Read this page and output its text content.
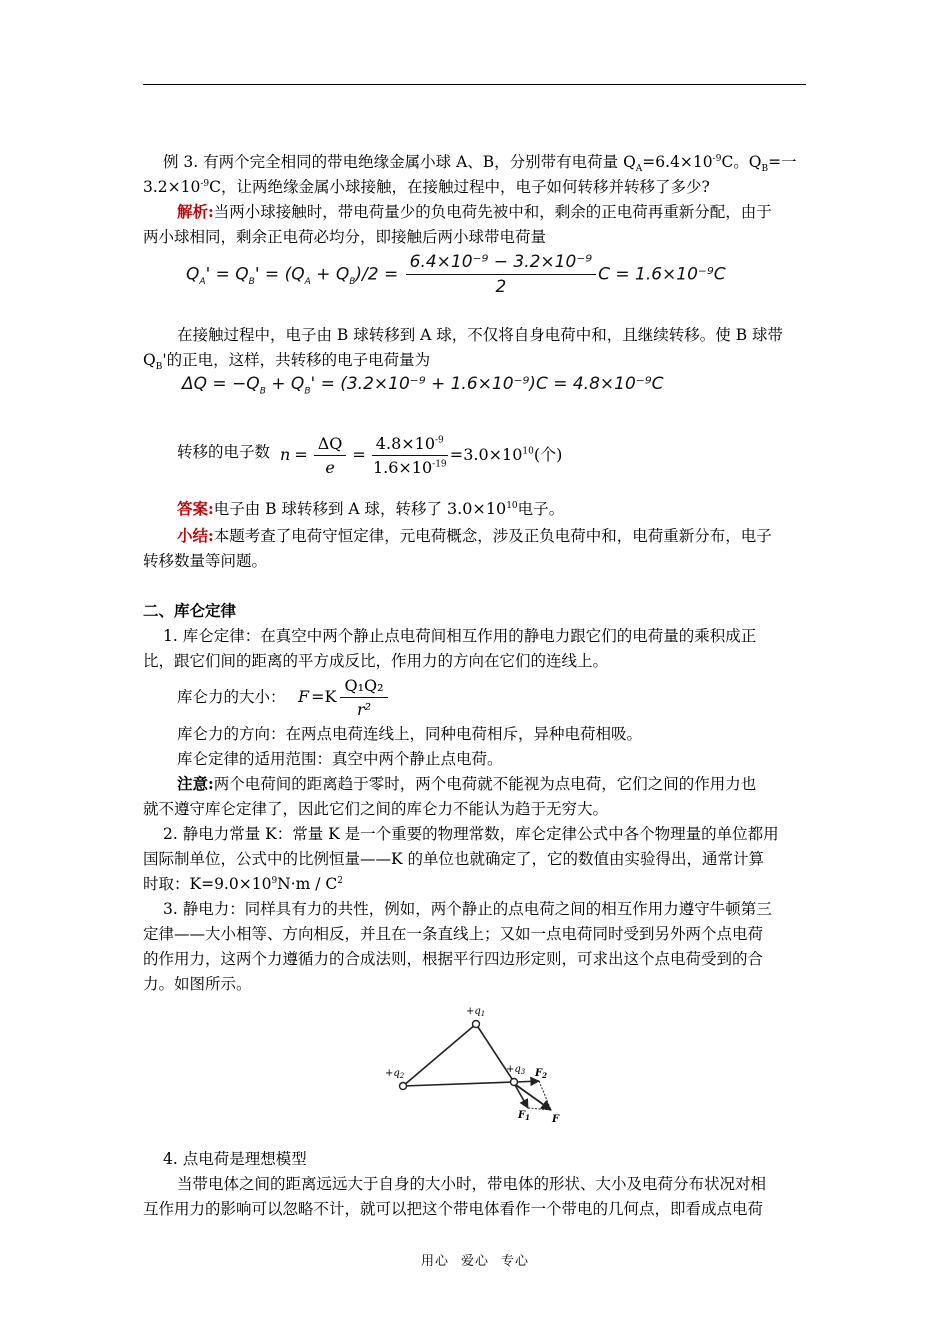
例 3. 有两个完全相同的带电绝缘金属小球 A、B，分别带有电荷量 $Q_A=6.4\times 10^{-9}C$。$Q_B=$一
$3.2\times 10^{-9}C$，让两绝缘金属小球接触，在接触过程中，电子如何转移并转移了多少?
解析:当两小球接触时，带电荷量少的负电荷先被中和，剩余的正电荷再重新分配，由于
两小球相同，剩余正电荷必均分，即接触后两小球带电荷量
$Q_A' = Q_B' = (Q_A + Q_B)/2 = \frac{\text{6.4×10⁻⁹ − 3.2×10⁻⁹}}{2}$ C = 1.6×10⁻⁹C
在接触过程中，电子由 B 球转移到 A 球，不仅将自身电荷中和，且继续转移。使 B 球带
$Q_B'$的正电，这样，共转移的电子电荷量为
$\Delta Q = -Q_B + Q_B' = (3.2\times 10^{-9} + 1.6\times 10^{-9})C = 4.8\times 10^{-9}C$
转移的电子数 $n = \frac{\Delta Q}{e} = \frac{4.8\times 10^{-9}}{1.6\times 10^{-19}} =3.0\times 10^{10}$(个)
答案:电子由 B 球转移到 A 球，转移了 $3.0\times 10^{10}$电子。
小结:本题考查了电荷守恒定律，元电荷概念，涉及正负电荷中和，电荷重新分布，电子
转移数量等问题。
二、库仑定律
1. 库仑定律：在真空中两个静止点电荷间相互作用的静电力跟它们的电荷量的乘积成正
比，跟它们间的距离的平方成反比，作用力的方向在它们的连线上。
库仑力的大小： $F =K \frac{\text{Q₁Q₂}}{\text{r²}}$
库仑力的方向：在两点电荷连线上，同种电荷相斥，异种电荷相吸。
库仑定律的适用范围：真空中两个静止点电荷。
注意:两个电荷间的距离趋于零时，两个电荷就不能视为点电荷，它们之间的作用力也
就不遵守库仑定律了，因此它们之间的库仑力不能认为趋于无穷大。
2. 静电力常量 K：常量 K 是一个重要的物理常数，库仑定律公式中各个物理量的单位都用
国际制单位，公式中的比例恒量——K 的单位也就确定了，它的数值由实验得出，通常计算
时取：$K=9.0\times 10^9N\cdot m / C^2$
3. 静电力：同样具有力的共性，例如，两个静止的点电荷之间的相互作用力遵守牛顿第三
定律——大小相等、方向相反，并且在一条直线上；又如一点电荷同时受到另外两个点电荷
的作用力，这两个力遵循力的合成法则，根据平行四边形定则，可求出这个点电荷受到的合
力。如图所示。
$+q_1$
$+q_2$
$+q_3$ $F_2$
$F_1$ F
4. 点电荷是理想模型
当带电体之间的距离远远大于自身的大小时，带电体的形状、大小及电荷分布状况对相
互作用力的影响可以忽略不计，就可以把这个带电体看作一个带电的几何点，即看成点电荷
用心 爱心 专心
